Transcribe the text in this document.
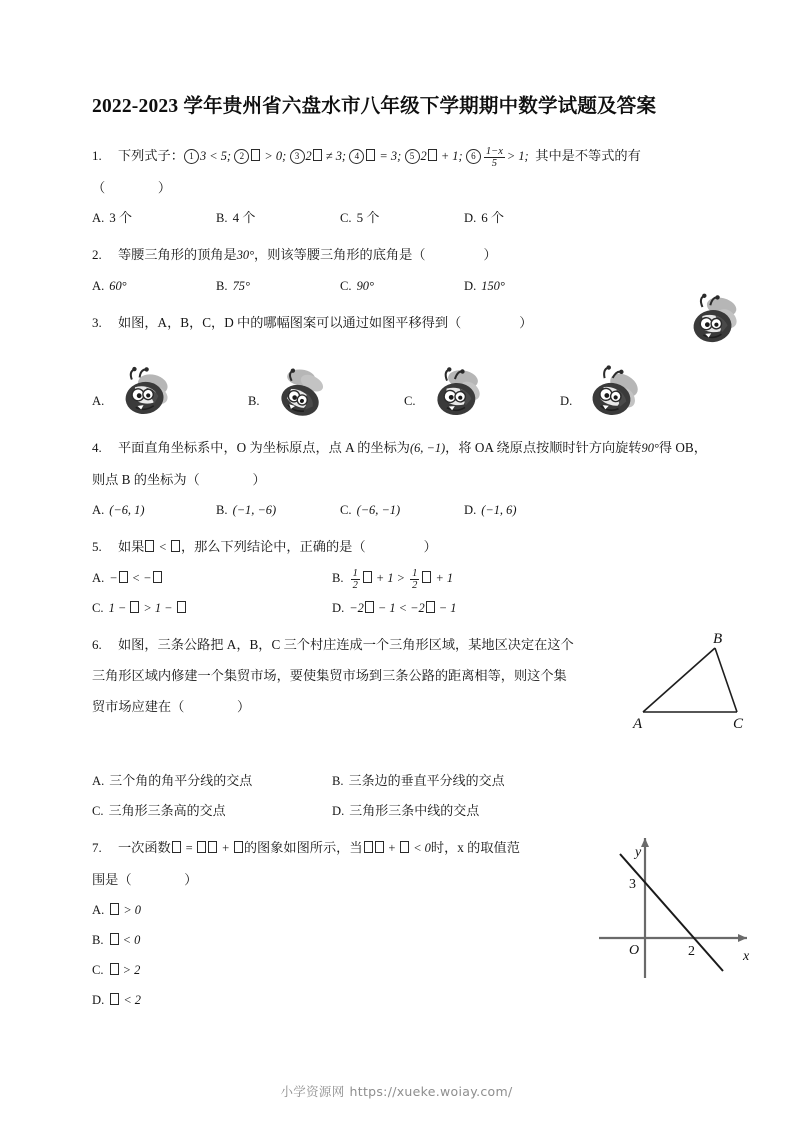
2022-2023 学年贵州省六盘水市八年级下学期期中数学试题及答案
1. 下列式子： 1 3 < 5; 2 > 0; 3 2 ≠ 3; 4 = 3; 5 2 + 1; $6 \frac{1-x}{5} > 1$; 其中是不等式的有
（　　　　）
A. 3 个	B. 4 个	C. 5 个	D. 6 个
2. 等腰三角形的顶角是30°，则该等腰三角形的底角是（	）
A. 60°	B. 75°	C. 90°	D. 150°
3. 如图，A，B，C，D 中的哪幅图案可以通过如图平移得到（	）
A.	B.	C.	D.
4. 平面直角坐标系中，O 为坐标原点，点 A 的坐标为(6, −1)，将 OA 绕原点按顺时针方向旋转90°得 OB，
则点 B 的坐标为（　　　　）
A. (−6, 1)	B. (−1, −6)	C. (−6, −1)	D. (−1, 6)
5. 如果 < ，那么下列结论中，正确的是（	）
A. − < −	B. $\frac{1}{2} + 1 > \frac{1}{2} + 1$
C. 1 −  > 1 −	D. −2 − 1 < −2 − 1
6. 如图，三条公路把 A，B，C 三个村庄连成一个三角形区域，某地区决定在这个
三角形区域内修建一个集贸市场，要使集贸市场到三条公路的距离相等，则这个集
贸市场应建在（　　　　）
A. 三个角的角平分线的交点	B. 三条边的垂直平分线的交点
C. 三角形三条高的交点	D. 三角形三条中线的交点
7. 一次函数 =  + 的图象如图所示，当 +  < 0时，x 的取值范
围是（　　　　）
A. > 0
B. < 0
C. > 2
D. < 2
A
B
C
3
2
O
y
x
小学资源网 https://xueke.woiay.com/
